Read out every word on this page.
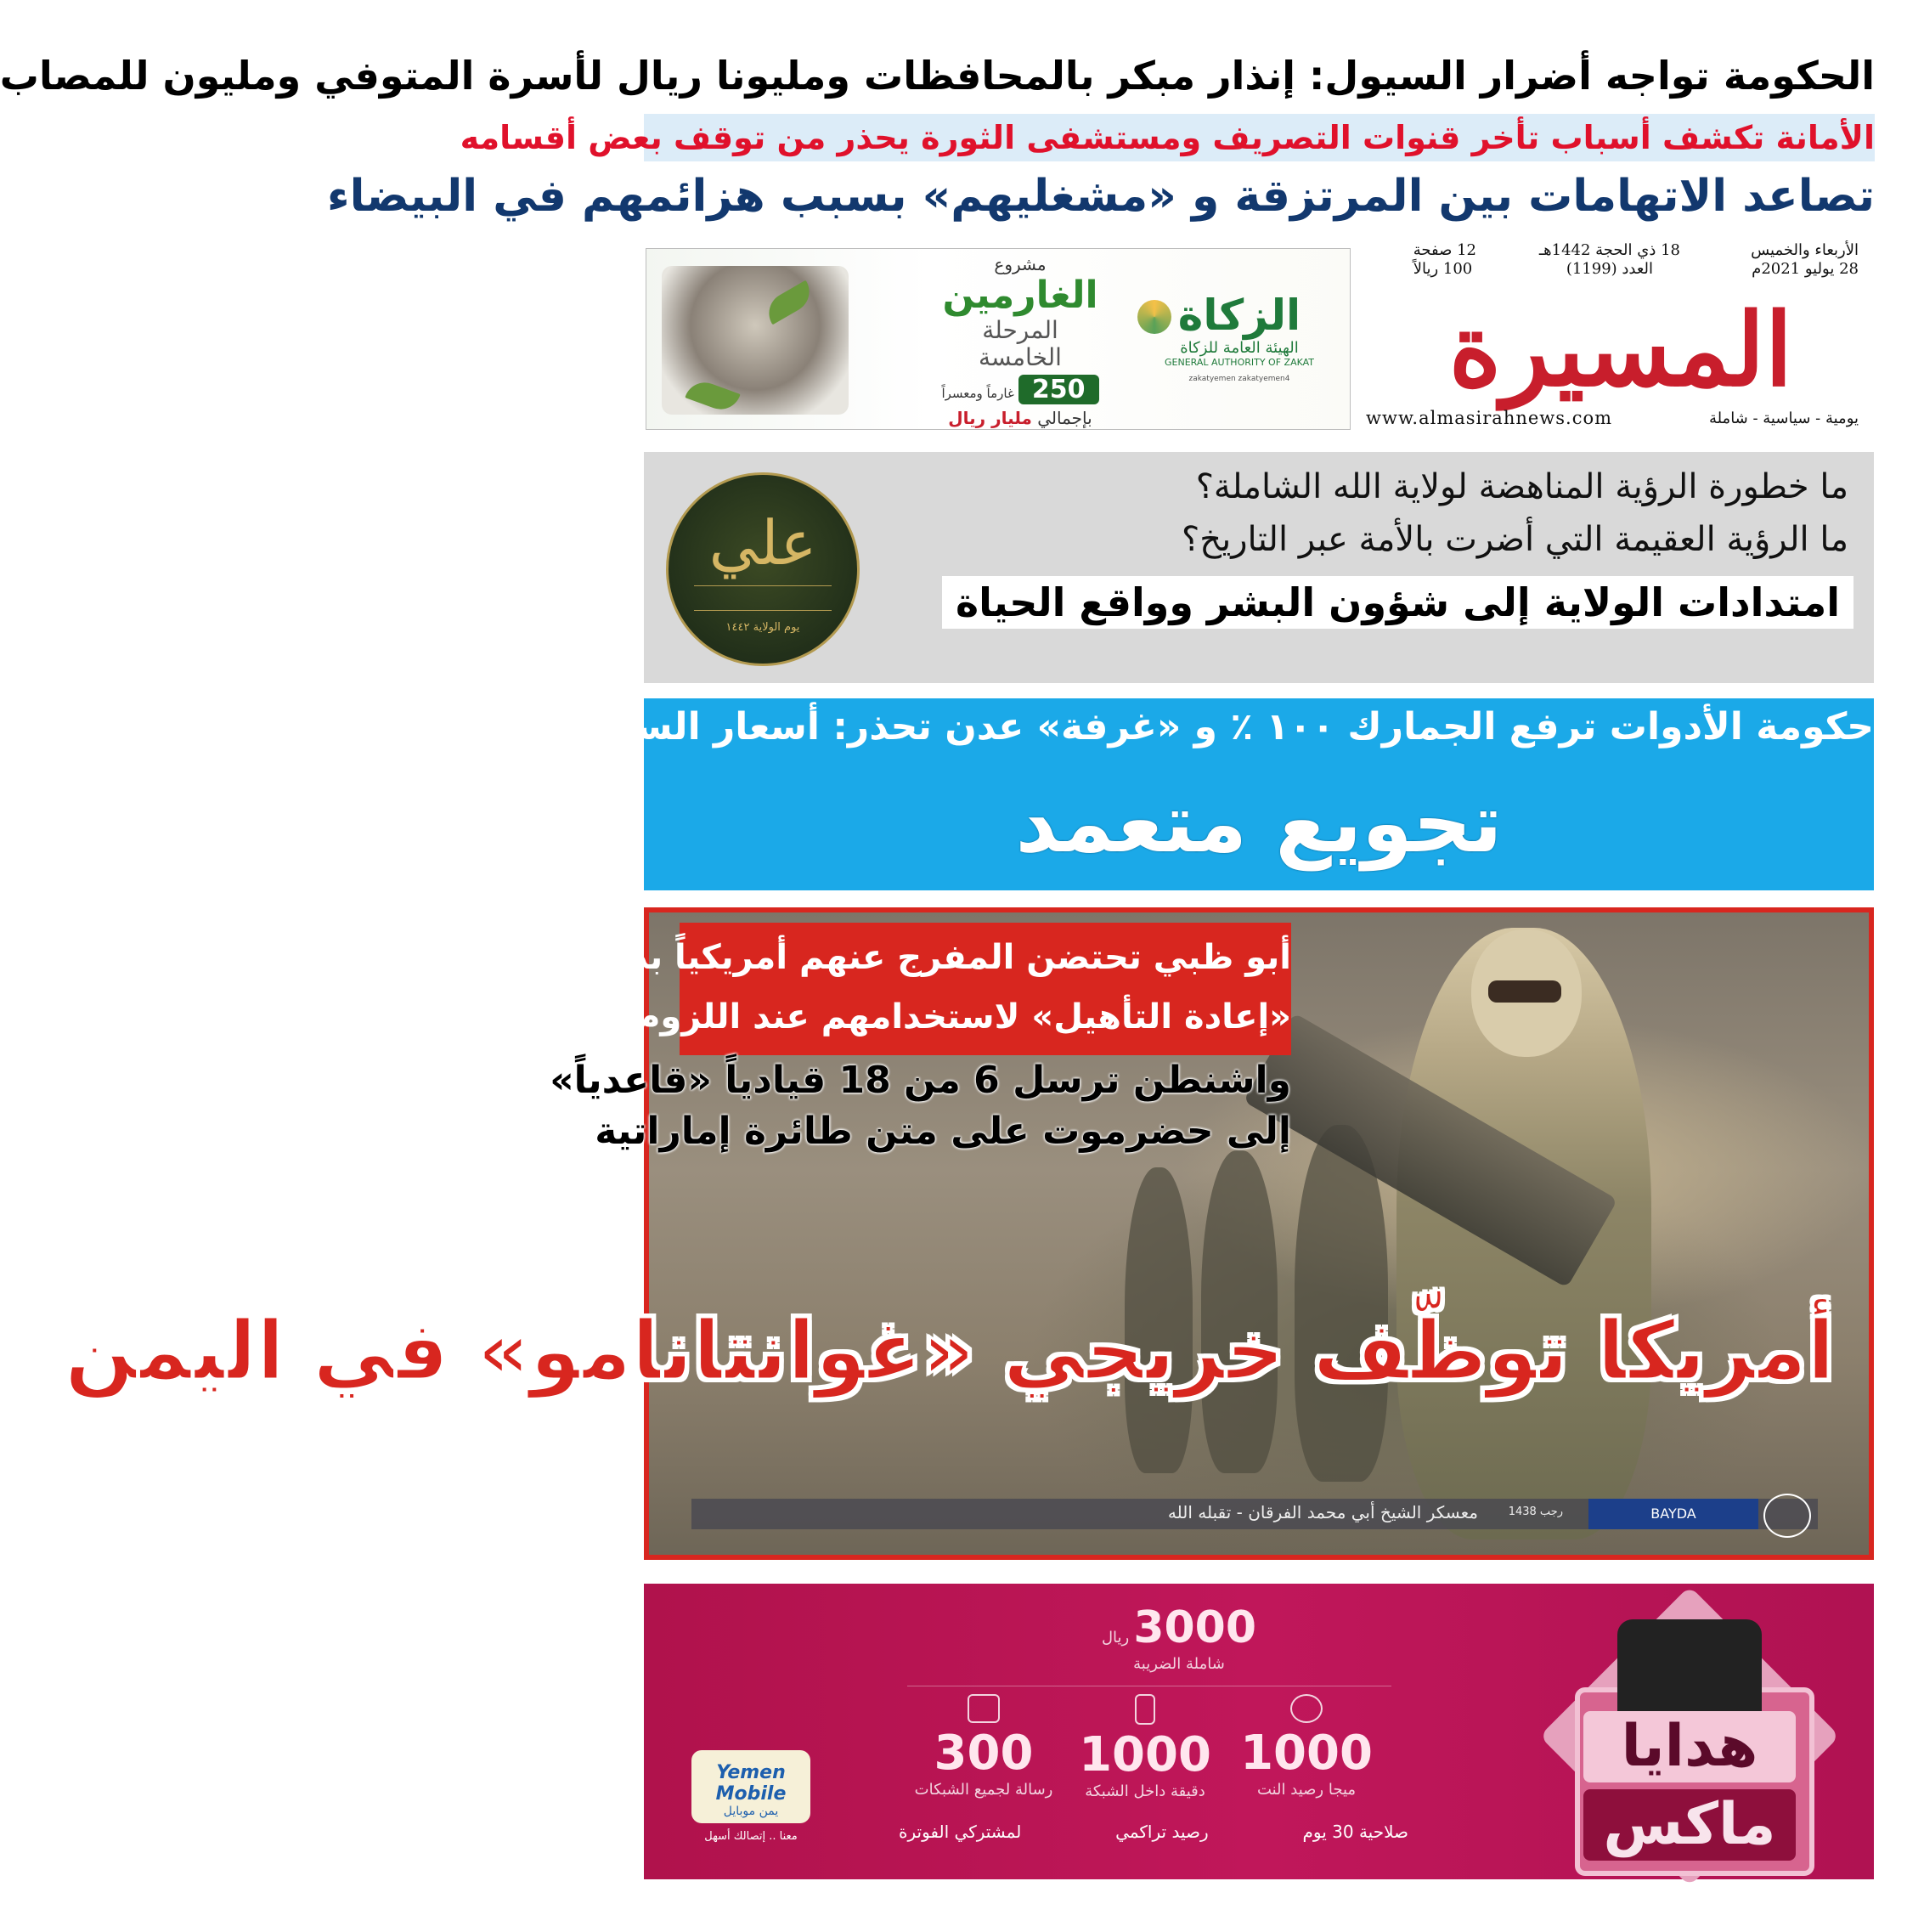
الحكومة تواجه أضرار السيول: إنذار مبكر بالمحافظات ومليونا ريال لأسرة المتوفي ومليون للمصاب
الأمانة تكشف أسباب تأخر قنوات التصريف ومستشفى الثورة يحذر من توقف بعض أقسامه
تصاعد الاتهامات بين المرتزقة و «مشغليهم» بسبب هزائمهم في البيضاء
الأربعاء والخميس
28 يوليو 2021م
18 ذي الحجة 1442هـ
العدد (1199)
12 صفحة
100 ريالاً
المسيرة
يومية - سياسية - شاملة
www.almasirahnews.com
مشروع
الغارمين
المرحلة
الخامسة
250 غارماً ومعسراً
بإجمالي مليار ريال
الزكاة
الهيئة العامة للزكاة
GENERAL AUTHORITY OF ZAKAT
zakatyemen zakatyemen4
ما خطورة الرؤية المناهضة لولاية الله الشاملة؟
ما الرؤية العقيمة التي أضرت بالأمة عبر التاريخ؟
امتدادات الولاية إلى شؤون البشر وواقع الحياة
علي
يوم الولاية ١٤٤٢
حكومة الأدوات ترفع الجمارك ١٠٠ ٪ و «غرفة» عدن تحذر: أسعار السلع إلى الضعف
تجويع متعمد
أبو ظبي تحتضن المفرج عنهم أمريكياً بذريعة
«إعادة التأهيل» لاستخدامهم عند اللزوم
واشنطن ترسل 6 من 18 قيادياً «قاعدياً»
إلى حضرموت على متن طائرة إماراتية
أمريكا توظّف خريجي «غوانتانامو» في اليمن
BAYDA
رجب 1438
معسكر الشيخ أبي محمد الفرقان - تقبله الله
هدايا
ماكس
3000 ريال
شاملة الضريبة
1000
ميجا رصيد النت
1000
دقيقة داخل الشبكة
300
رسالة لجميع الشبكات
صلاحية 30 يوم
رصيد تراكمي
لمشتركي الفوترة
Yemen Mobile
يمن موبايل
معنا .. إتصالك أسهل
